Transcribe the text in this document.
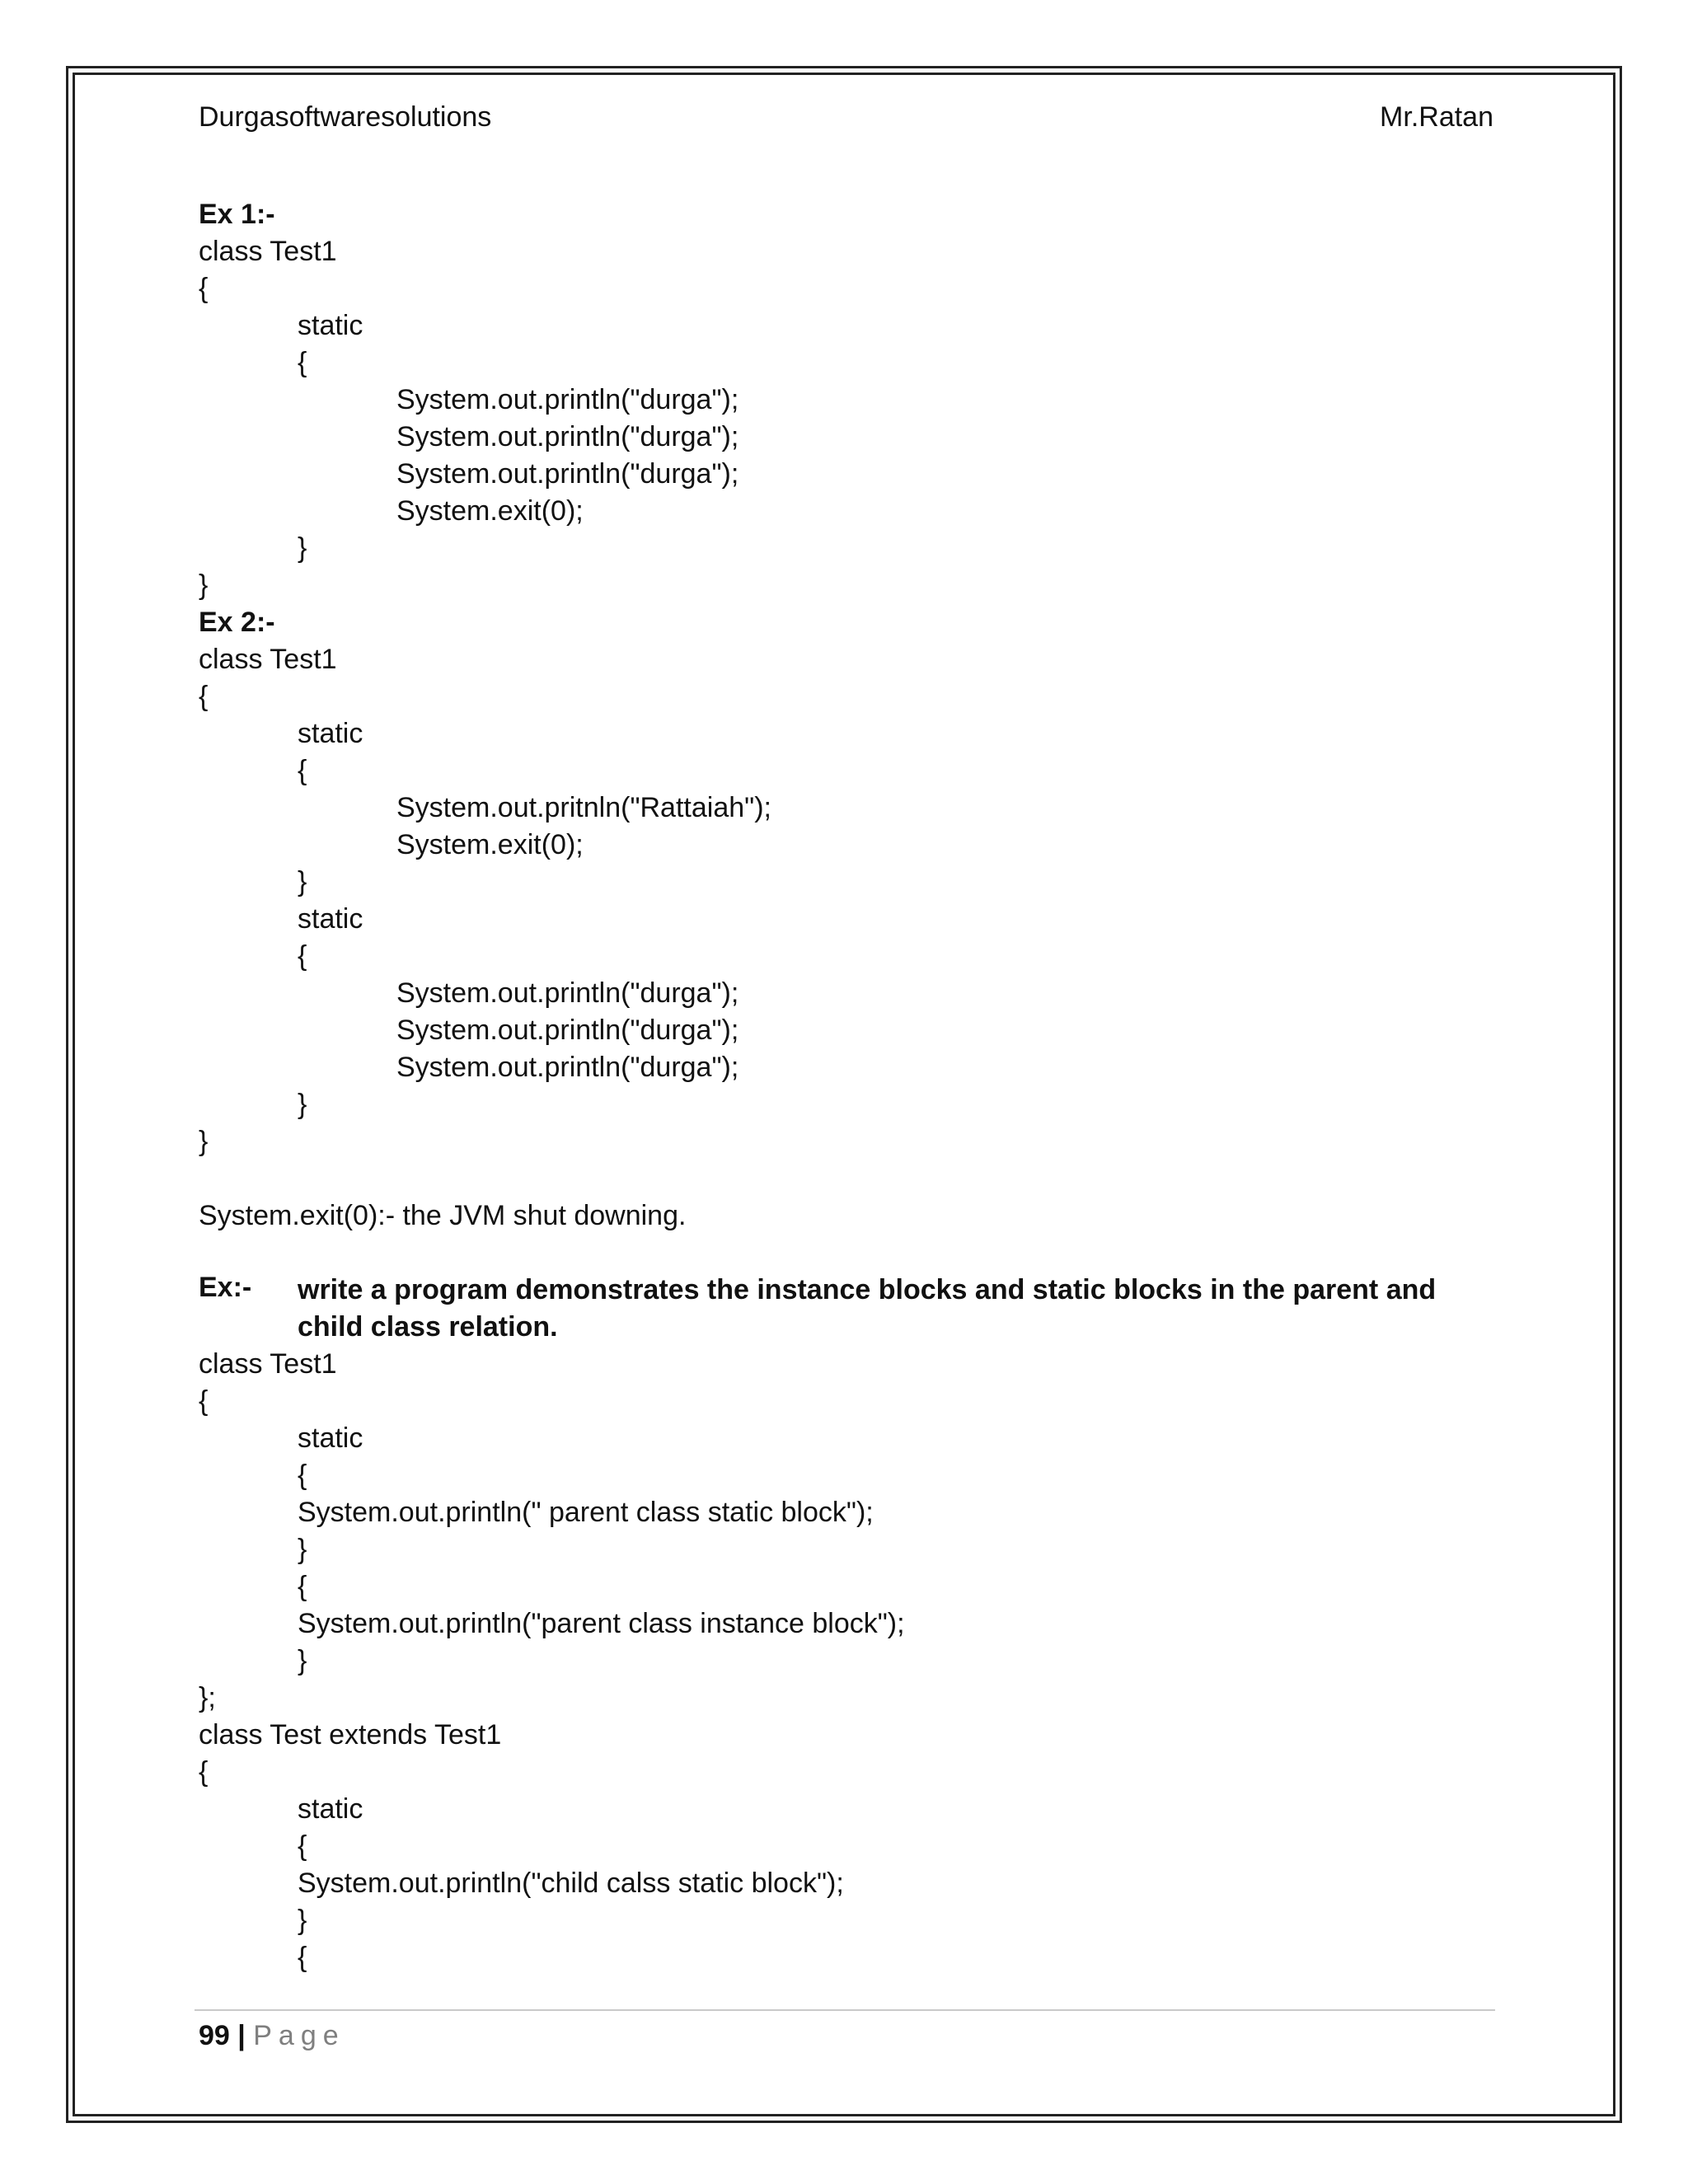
Durgasoftwaresolutions	Mr.Ratan
Ex 1:-
class Test1
{
static
{
System.out.println("durga");
System.out.println("durga");
System.out.println("durga");
System.exit(0);
}
}
Ex 2:-
class Test1
{
static
{
System.out.pritnln("Rattaiah");
System.exit(0);
}
static
{
System.out.println("durga");
System.out.println("durga");
System.out.println("durga");
}
}
System.exit(0):- the JVM shut downing.
Ex:-	write a program demonstrates the instance blocks and static blocks in the parent and child class relation.
class Test1
{
static
{
System.out.println(" parent class static block");
}
{
System.out.println("parent class instance block");
}
};
class Test extends Test1
{
static
{
System.out.println("child calss static block");
}
{
99 | Page
